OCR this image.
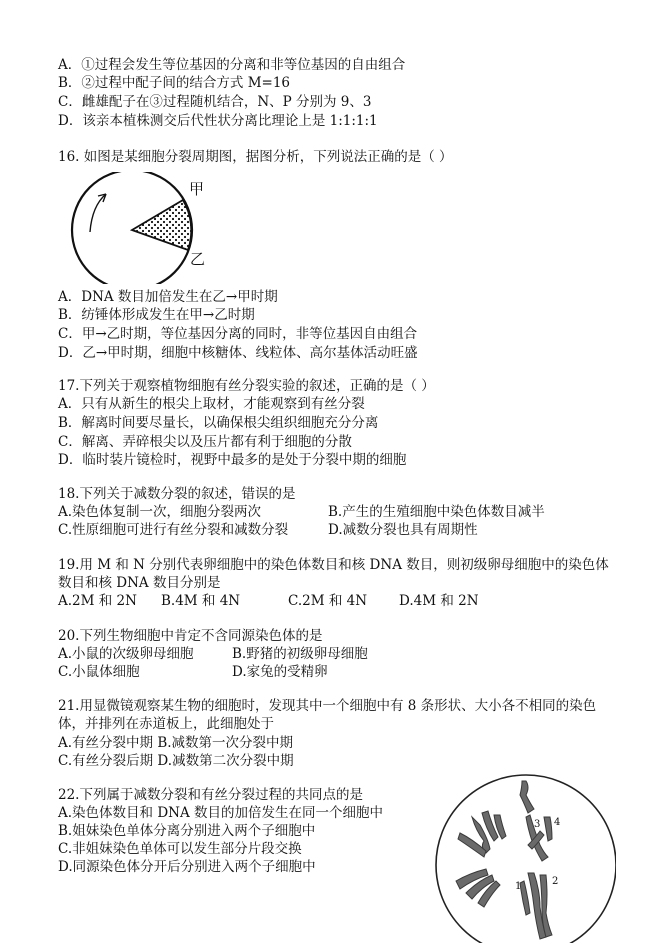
A．①过程会发生等位基因的分离和非等位基因的自由组合
B．②过程中配子间的结合方式 M=16
C．雌雄配子在③过程随机结合，N、P 分别为 9、3
D．该亲本植株测交后代性状分离比理论上是 1:1:1:1
16. 如图是某细胞分裂周期图，据图分析，下列说法正确的是（ ）
甲
乙
A．DNA 数目加倍发生在乙→甲时期
B．纺锤体形成发生在甲→乙时期
C．甲→乙时期，等位基因分离的同时，非等位基因自由组合
D．乙→甲时期，细胞中核糖体、线粒体、高尔基体活动旺盛
17.下列关于观察植物细胞有丝分裂实验的叙述，正确的是（ ）
A．只有从新生的根尖上取材，才能观察到有丝分裂
B．解离时间要尽量长，以确保根尖组织细胞充分分离
C．解离、弄碎根尖以及压片都有利于细胞的分散
D．临时装片镜检时，视野中最多的是处于分裂中期的细胞
18.下列关于减数分裂的叙述，错误的是
A.染色体复制一次，细胞分裂两次	B.产生的生殖细胞中染色体数目减半
C.性原细胞可进行有丝分裂和减数分裂	D.减数分裂也具有周期性
19.用 M 和 N 分别代表卵细胞中的染色体数目和核 DNA 数目，则初级卵母细胞中的染色体
数目和核 DNA 数目分别是
A.2M 和 2N B.4M 和 4N	C.2M 和 4N D.4M 和 2N
20.下列生物细胞中肯定不含同源染色体的是
A.小鼠的次级卵母细胞	B.野猪的初级卵母细胞
C.小鼠体细胞	D.家兔的受精卵
21.用显微镜观察某生物的细胞时，发现其中一个细胞中有 8 条形状、大小各不相同的染色
体，并排列在赤道板上，此细胞处于
A.有丝分裂中期 B.减数第一次分裂中期
C.有丝分裂后期 D.减数第二次分裂中期
22.下列属于减数分裂和有丝分裂过程的共同点的是
A.染色体数目和 DNA 数目的加倍发生在同一个细胞中
B.姐妹染色单体分离分别进入两个子细胞中
C.非姐妹染色单体可以发生部分片段交换
D.同源染色体分开后分别进入两个子细胞中
3 4
1	2
